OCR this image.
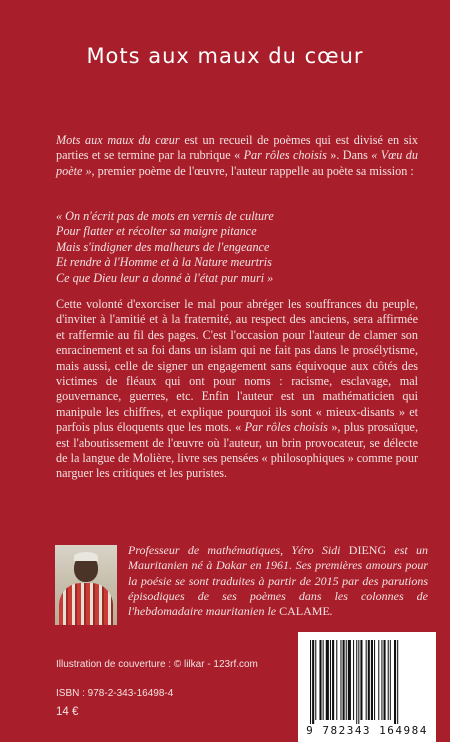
Mots aux maux du cœur

Mots aux maux du cœur est un recueil de poèmes qui est divisé en six parties et se termine par la rubrique « Par rôles choisis ». Dans « Vœu du poète », premier poème de l'œuvre, l'auteur rappelle au poète sa mission :

« On n'écrit pas de mots en vernis de culture
Pour flatter et récolter sa maigre pitance
Mais s'indigner des malheurs de l'engeance
Et rendre à l'Homme et à la Nature meurtris
Ce que Dieu leur a donné à l'état pur muri »

Cette volonté d'exorciser le mal pour abréger les souffrances du peuple, d'inviter à l'amitié et à la fraternité, au respect des anciens, sera affirmée et raffermie au fil des pages. C'est l'occasion pour l'auteur de clamer son enracinement et sa foi dans un islam qui ne fait pas dans le prosélytisme, mais aussi, celle de signer un engagement sans équivoque aux côtés des victimes de fléaux qui ont pour noms : racisme, esclavage, mal gouvernance, guerres, etc. Enfin l'auteur est un mathématicien qui manipule les chiffres, et explique pourquoi ils sont « mieux-disants » et parfois plus éloquents que les mots. « Par rôles choisis », plus prosaïque, est l'aboutissement de l'œuvre où l'auteur, un brin provocateur, se délecte de la langue de Molière, livre ses pensées « philosophiques » comme pour narguer les critiques et les puristes.

Professeur de mathématiques, Yéro Sidi DIENG est un Mauritanien né à Dakar en 1961. Ses premières amours pour la poésie se sont traduites à partir de 2015 par des parutions épisodiques de ses poèmes dans les colonnes de l'hebdomadaire mauritanien le CALAME.

Illustration de couverture : © lilkar - 123rf.com

ISBN : 978-2-343-16498-4

14 €

9 782343 164984
